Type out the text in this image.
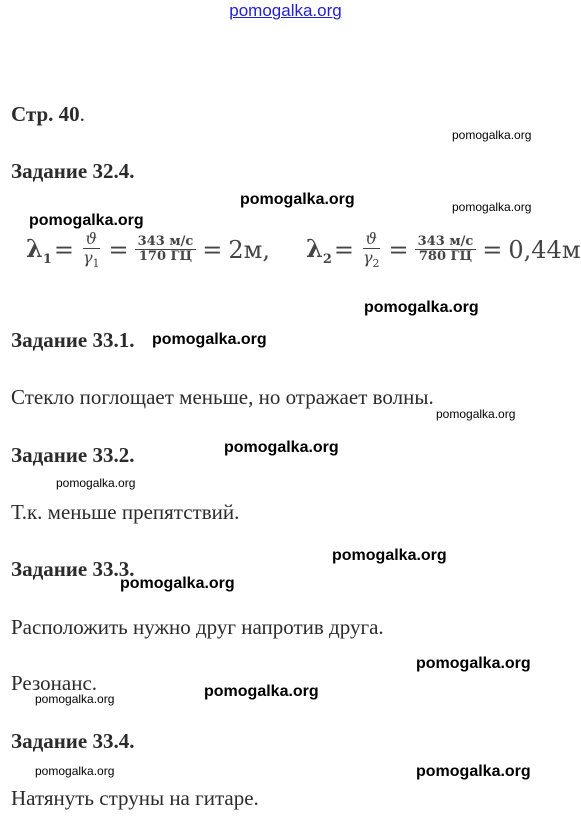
pomogalka.org
Стр. 40.
Задание 32.4.
$\lambda_1 = \frac{ϑ}{\gamma_1} = \frac{343 м/с}{170 ГЦ} = 2м$, $\lambda_2 = \frac{ϑ}{\gamma_2} = \frac{343 м/с}{780 ГЦ} = 0,44м$
Задание 33.1.
Стекло поглощает меньше, но отражает волны.
Задание 33.2.
Т.к. меньше препятствий.
Задание 33.3.
Расположить нужно друг напротив друга.
Резонанс.
Задание 33.4.
Натянуть струны на гитаре.
pomogalka.org
pomogalka.org	pomogalka.org
pomogalka.org
pomogalka.org
pomogalka.org
pomogalka.org
pomogalka.org
pomogalka.org
pomogalka.org
pomogalka.org
pomogalka.org
pomogalka.org
pomogalka.org
pomogalka.org	pomogalka.org
